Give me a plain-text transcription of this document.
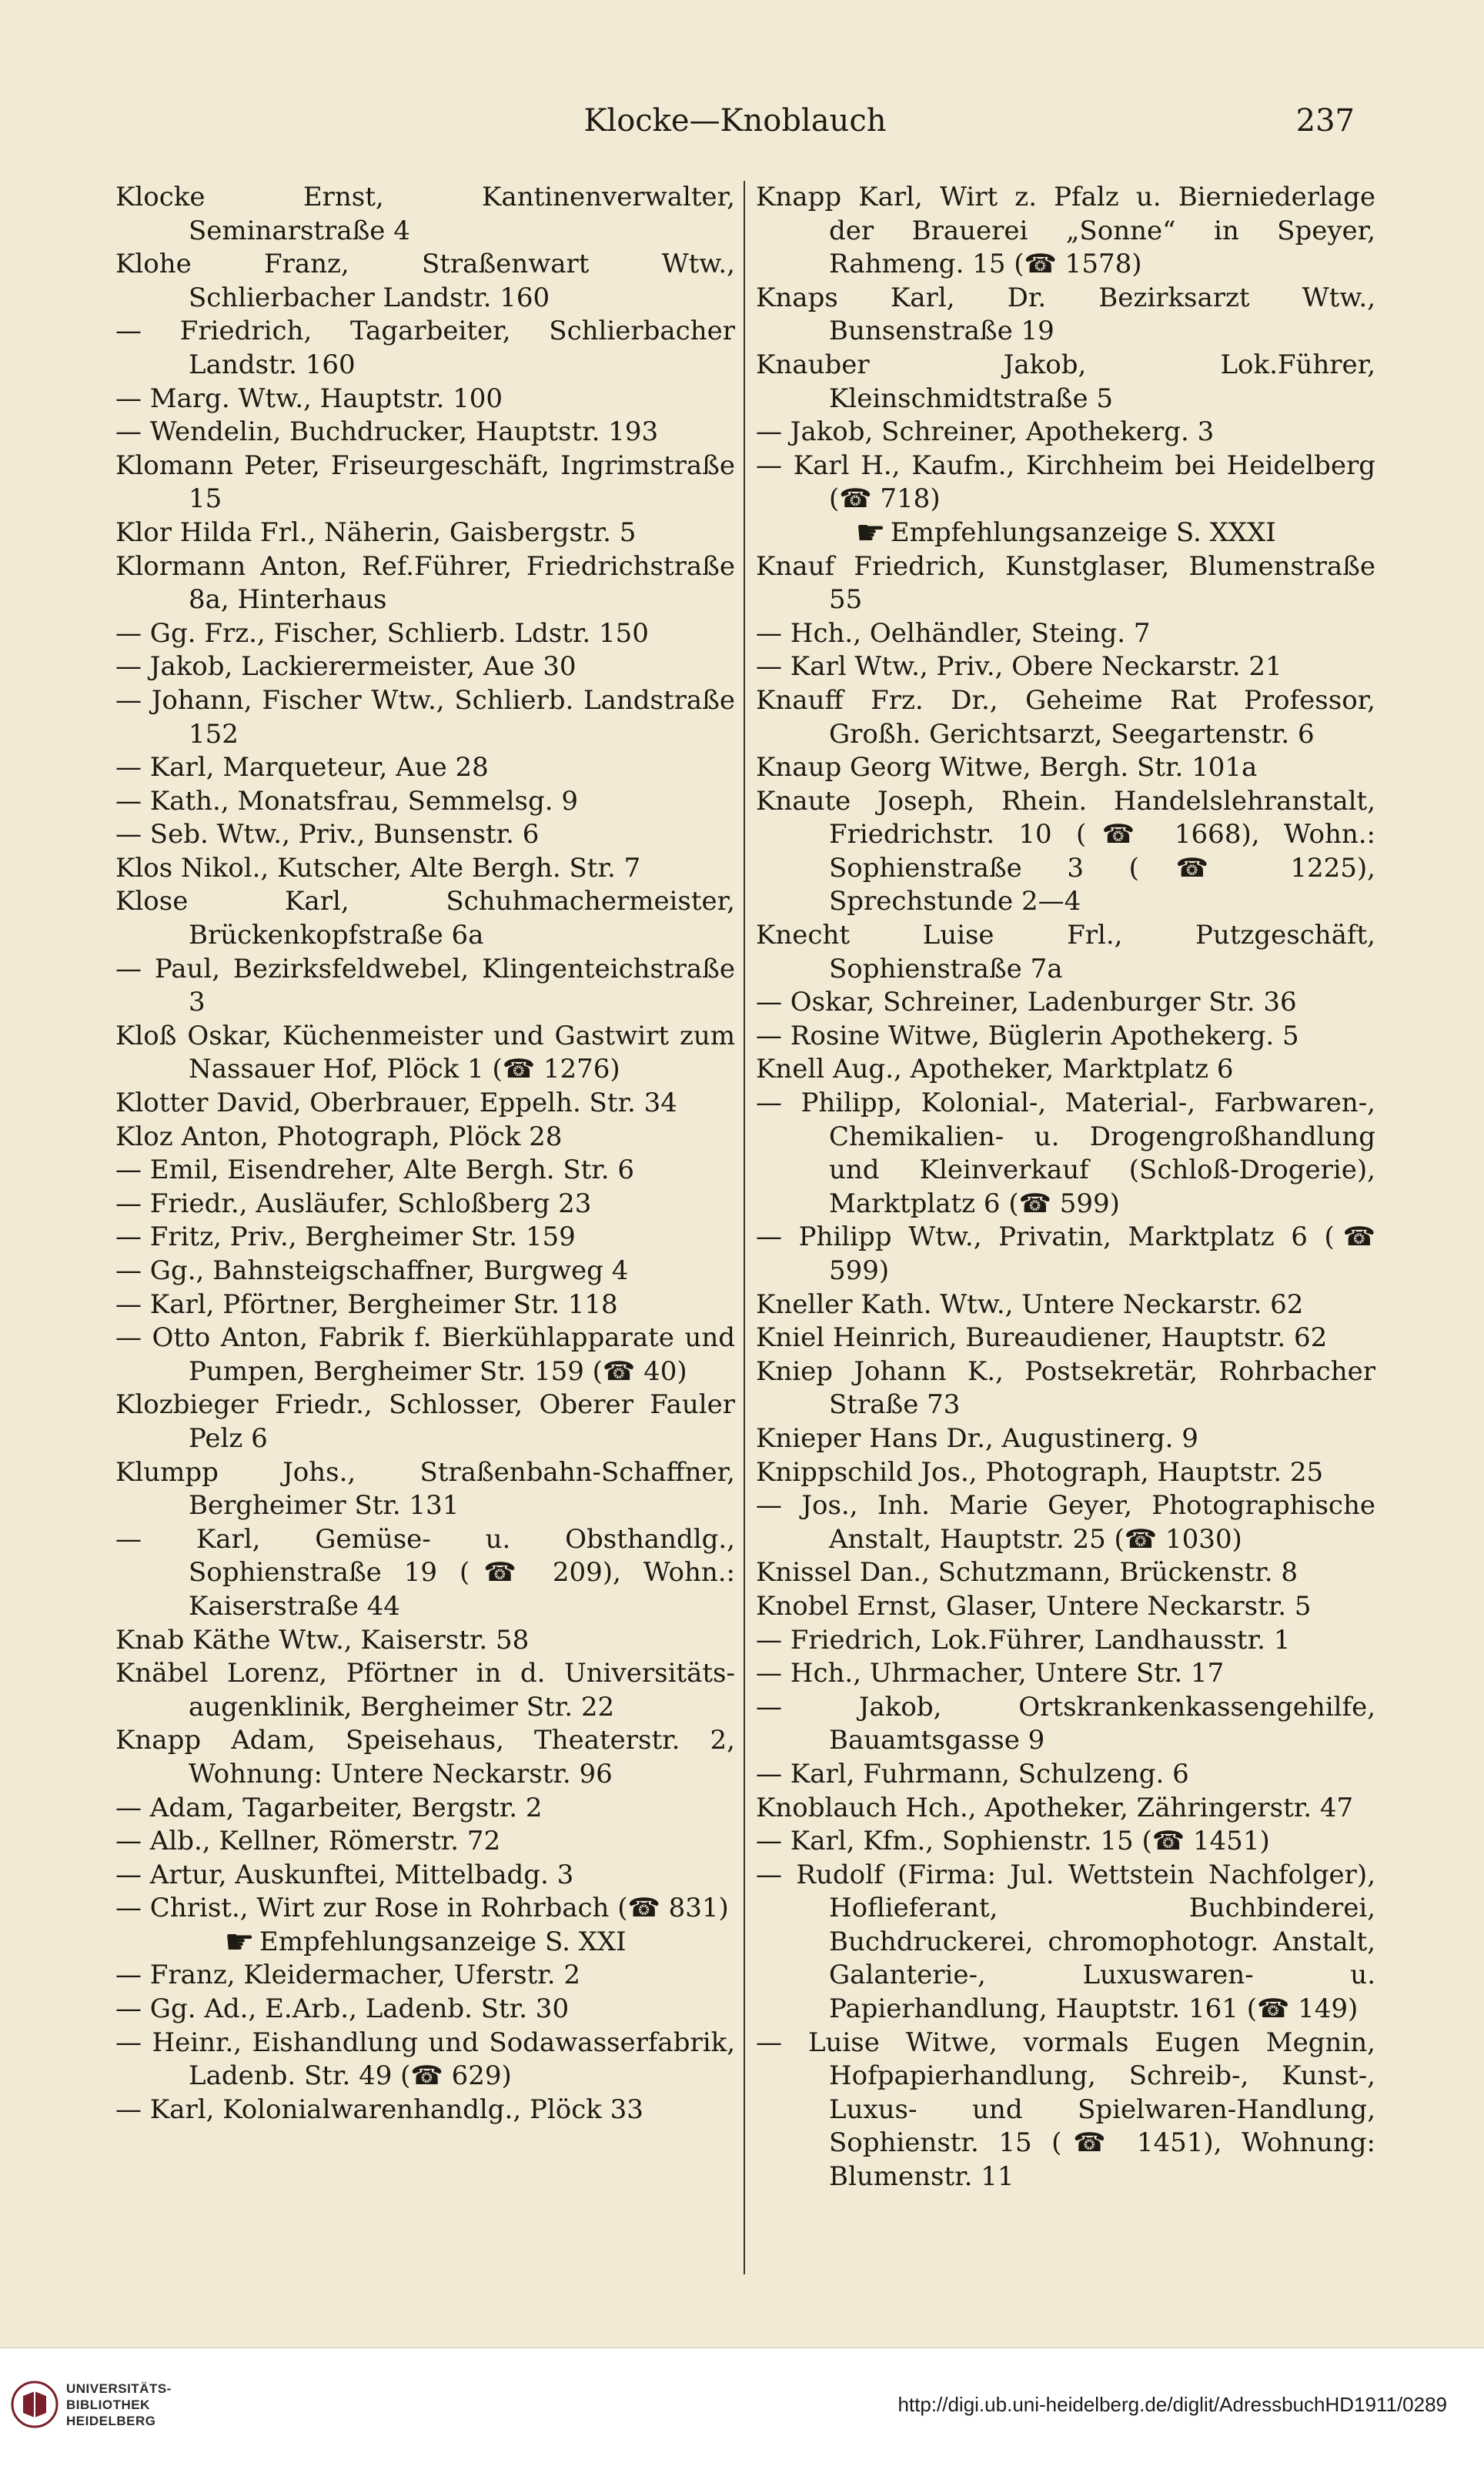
Klocke—Knoblauch	237

Klocke Ernst, Kantinenverwalter, Seminarstraße 4

Klohe Franz, Straßenwart Wtw., Schlierbacher Landstr. 160

— Friedrich, Tagarbeiter, Schlierbacher Landstr. 160

— Marg. Wtw., Hauptstr. 100

— Wendelin, Buchdrucker, Hauptstr. 193

Klomann Peter, Friseurgeschäft, Ingrimstraße 15

Klor Hilda Frl., Näherin, Gaisbergstr. 5

Klormann Anton, Ref.Führer, Friedrichstraße 8a, Hinterhaus

— Gg. Frz., Fischer, Schlierb. Ldstr. 150

— Jakob, Lackierermeister, Aue 30

— Johann, Fischer Wtw., Schlierb. Landstraße 152

— Karl, Marqueteur, Aue 28

— Kath., Monatsfrau, Semmelsg. 9

— Seb. Wtw., Priv., Bunsenstr. 6

Klos Nikol., Kutscher, Alte Bergh. Str. 7

Klose Karl, Schuhmachermeister, Brückenkopfstraße 6a

— Paul, Bezirksfeldwebel, Klingenteichstraße 3

Kloß Oskar, Küchenmeister und Gastwirt zum Nassauer Hof, Plöck 1 (☎ 1276)

Klotter David, Oberbrauer, Eppelh. Str. 34

Kloz Anton, Photograph, Plöck 28

— Emil, Eisendreher, Alte Bergh. Str. 6

— Friedr., Ausläufer, Schloßberg 23

— Fritz, Priv., Bergheimer Str. 159

— Gg., Bahnsteigschaffner, Burgweg 4

— Karl, Pförtner, Bergheimer Str. 118

— Otto Anton, Fabrik f. Bierkühlapparate und Pumpen, Bergheimer Str. 159 (☎ 40)

Klozbieger Friedr., Schlosser, Oberer Fauler Pelz 6

Klumpp Johs., Straßenbahn-Schaffner, Bergheimer Str. 131

— Karl, Gemüse- u. Obsthandlg., Sophienstraße 19 (☎ 209), Wohn.: Kaiserstraße 44

Knab Käthe Wtw., Kaiserstr. 58

Knäbel Lorenz, Pförtner in d. Universitäts-augenklinik, Bergheimer Str. 22

Knapp Adam, Speisehaus, Theaterstr. 2, Wohnung: Untere Neckarstr. 96

— Adam, Tagarbeiter, Bergstr. 2

— Alb., Kellner, Römerstr. 72

— Artur, Auskunftei, Mittelbadg. 3

— Christ., Wirt zur Rose in Rohrbach (☎ 831)

☛ Empfehlungsanzeige S. XXI

— Franz, Kleidermacher, Uferstr. 2

— Gg. Ad., E.Arb., Ladenb. Str. 30

— Heinr., Eishandlung und Sodawasserfabrik, Ladenb. Str. 49 (☎ 629)

— Karl, Kolonialwarenhandlg., Plöck 33

Knapp Karl, Wirt z. Pfalz u. Bierniederlage der Brauerei „Sonne“ in Speyer, Rahmeng. 15 (☎ 1578)

Knaps Karl, Dr. Bezirksarzt Wtw., Bunsenstraße 19

Knauber Jakob, Lok.Führer, Kleinschmidtstraße 5

— Jakob, Schreiner, Apothekerg. 3

— Karl H., Kaufm., Kirchheim bei Heidelberg (☎ 718)

☛ Empfehlungsanzeige S. XXXI

Knauf Friedrich, Kunstglaser, Blumenstraße 55

— Hch., Oelhändler, Steing. 7

— Karl Wtw., Priv., Obere Neckarstr. 21

Knauff Frz. Dr., Geheime Rat Professor, Großh. Gerichtsarzt, Seegartenstr. 6

Knaup Georg Witwe, Bergh. Str. 101a

Knaute Joseph, Rhein. Handelslehranstalt, Friedrichstr. 10 (☎ 1668), Wohn.: Sophienstraße 3 (☎ 1225), Sprechstunde 2—4

Knecht Luise Frl., Putzgeschäft, Sophienstraße 7a

— Oskar, Schreiner, Ladenburger Str. 36

— Rosine Witwe, Büglerin Apothekerg. 5

Knell Aug., Apotheker, Marktplatz 6

— Philipp, Kolonial-, Material-, Farbwaren-, Chemikalien- u. Drogengroßhandlung und Kleinverkauf (Schloß-Drogerie), Marktplatz 6 (☎ 599)

— Philipp Wtw., Privatin, Marktplatz 6 (☎ 599)

Kneller Kath. Wtw., Untere Neckarstr. 62

Kniel Heinrich, Bureaudiener, Hauptstr. 62

Kniep Johann K., Postsekretär, Rohrbacher Straße 73

Knieper Hans Dr., Augustinerg. 9

Knippschild Jos., Photograph, Hauptstr. 25

— Jos., Inh. Marie Geyer, Photographische Anstalt, Hauptstr. 25 (☎ 1030)

Knissel Dan., Schutzmann, Brückenstr. 8

Knobel Ernst, Glaser, Untere Neckarstr. 5

— Friedrich, Lok.Führer, Landhausstr. 1

— Hch., Uhrmacher, Untere Str. 17

— Jakob, Ortskrankenkassengehilfe, Bauamtsgasse 9

— Karl, Fuhrmann, Schulzeng. 6

Knoblauch Hch., Apotheker, Zähringerstr. 47

— Karl, Kfm., Sophienstr. 15 (☎ 1451)

— Rudolf (Firma: Jul. Wettstein Nachfolger), Hoflieferant, Buchbinderei, Buchdruckerei, chromophotogr. Anstalt, Galanterie-, Luxuswaren- u. Papierhandlung, Hauptstr. 161 (☎ 149)

— Luise Witwe, vormals Eugen Megnin, Hofpapierhandlung, Schreib-, Kunst-, Luxus- und Spielwaren-Handlung, Sophienstr. 15 (☎ 1451), Wohnung: Blumenstr. 11

UNIVERSITÄTS-
BIBLIOTHEK
HEIDELBERG
http://digi.ub.uni-heidelberg.de/diglit/AdressbuchHD1911/0289
